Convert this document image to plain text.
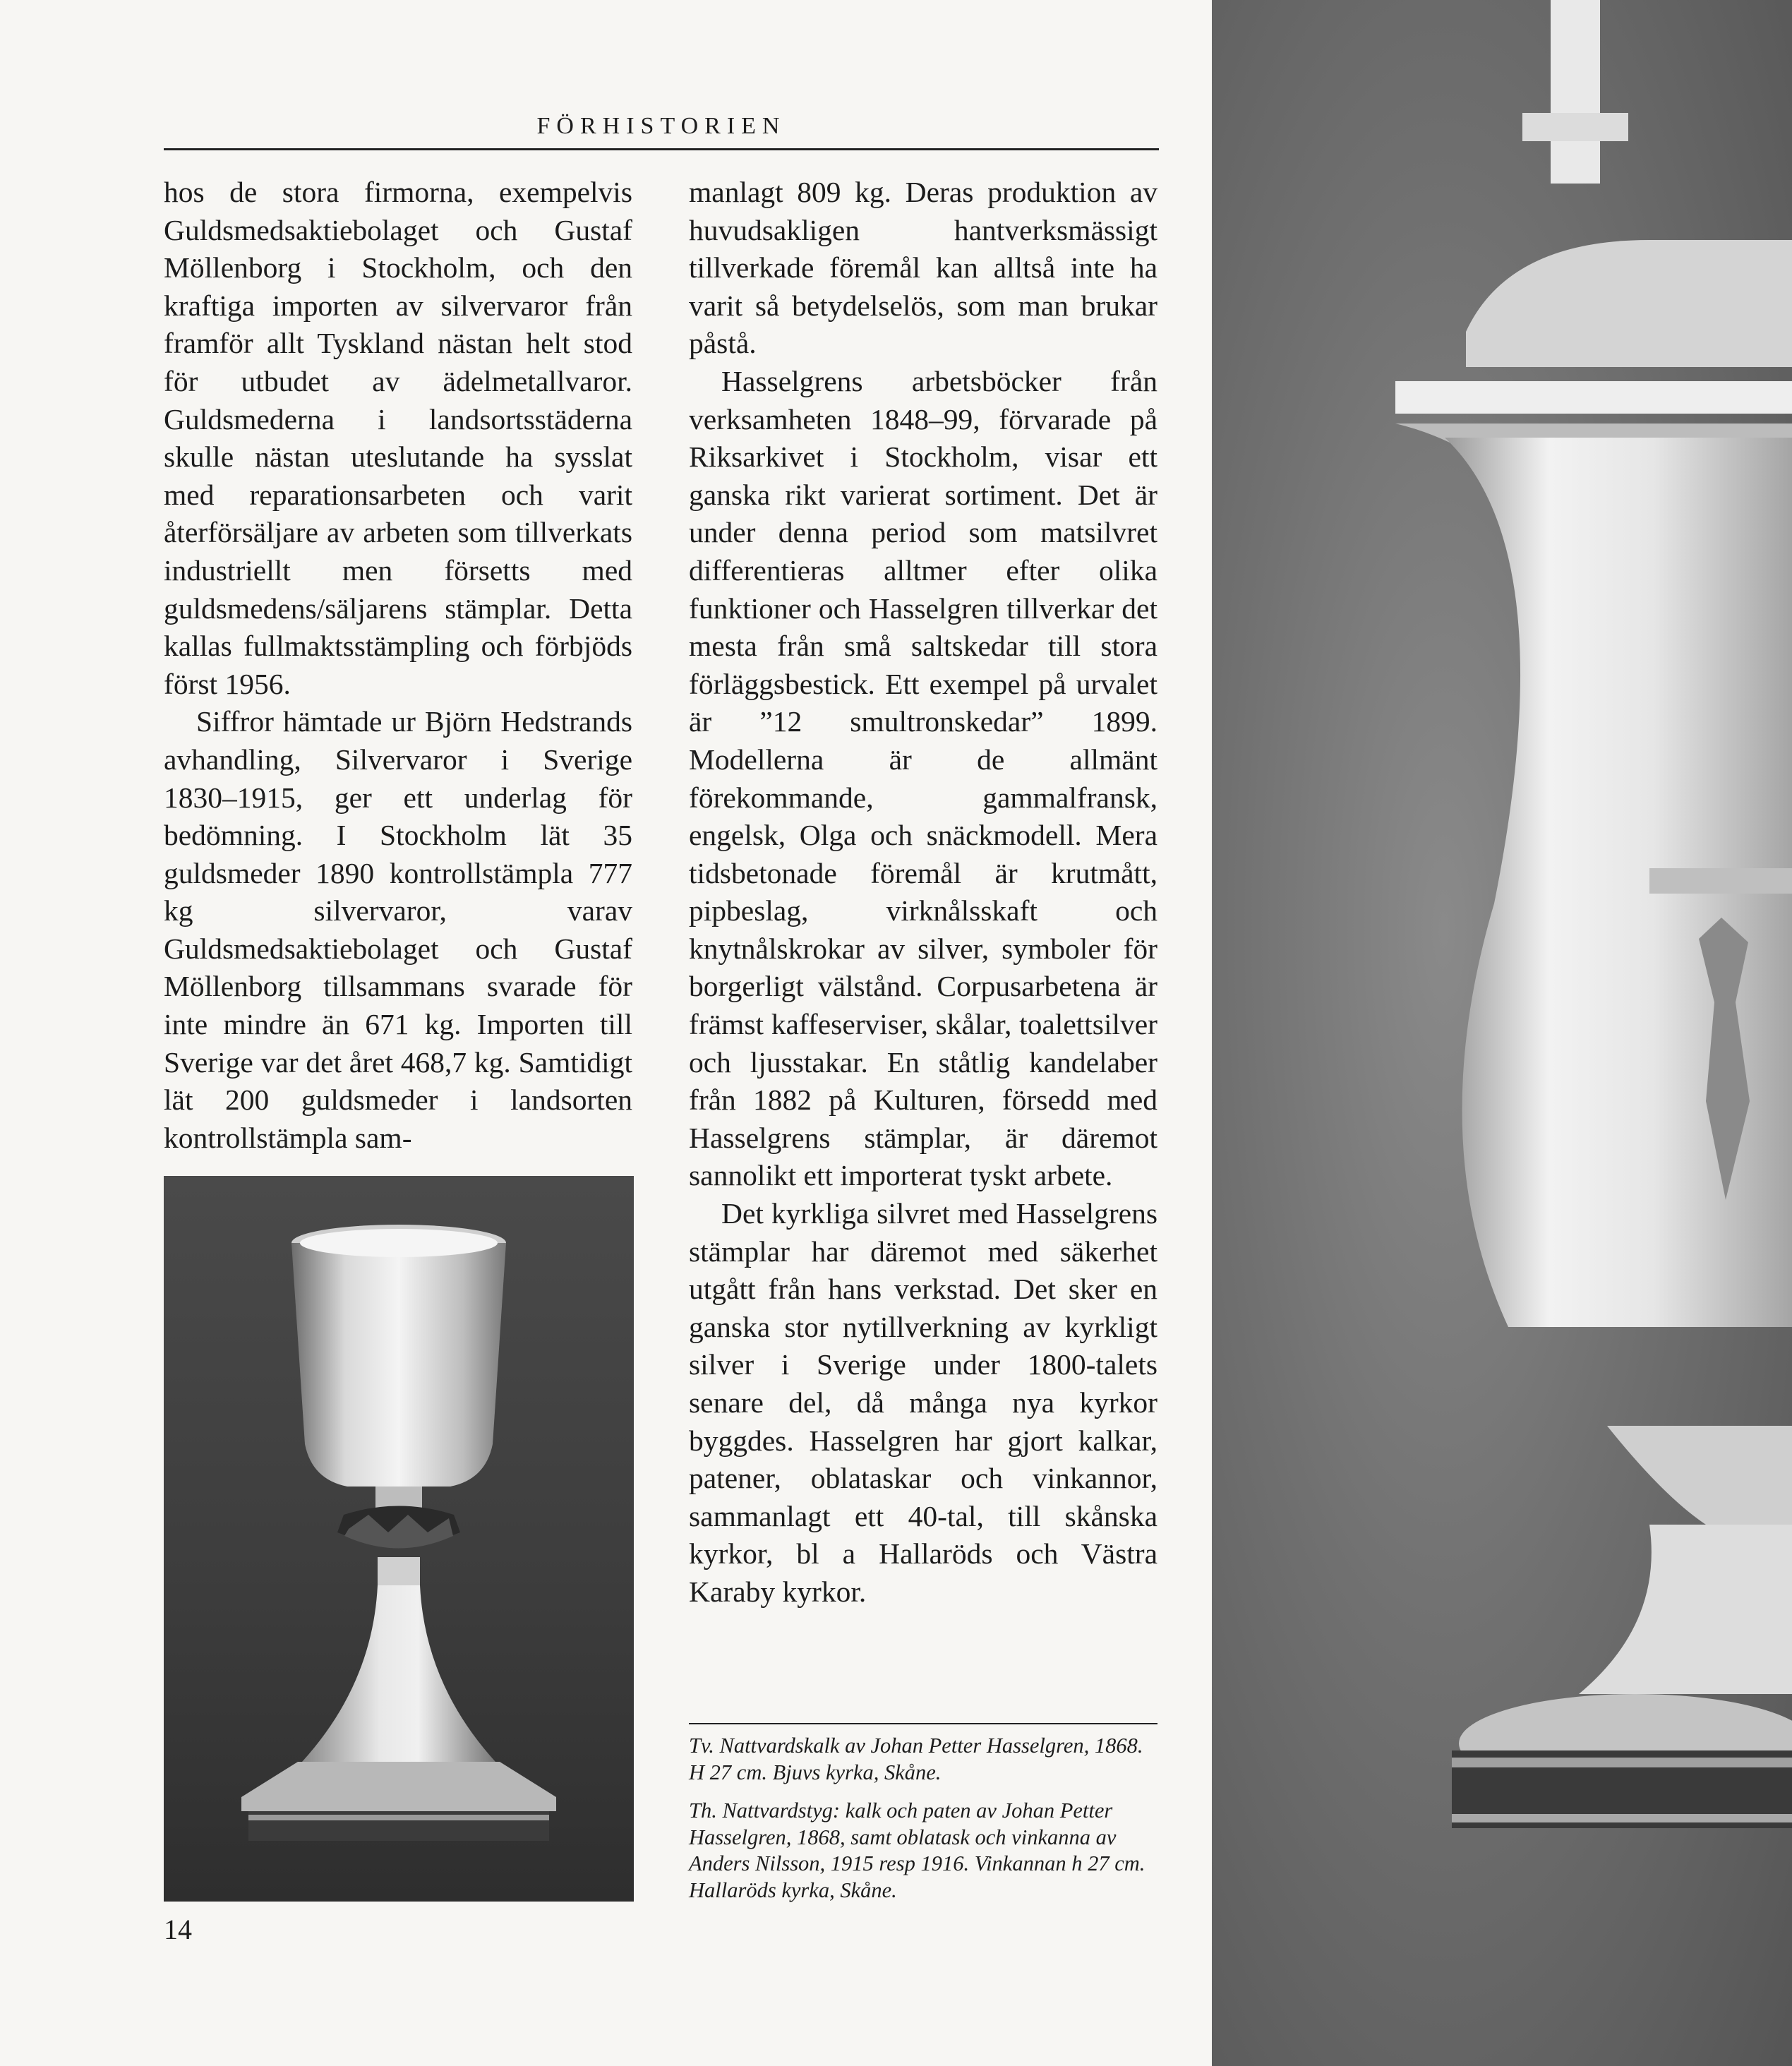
FÖRHISTORIEN

hos de stora firmorna, exempelvis Guldsmedsaktiebolaget och Gustaf Möllenborg i Stockholm, och den kraftiga importen av silvervaror från framför allt Tyskland nästan helt stod för utbudet av ädelmetallvaror. Guldsmederna i landsortsstäderna skulle nästan uteslutande ha sysslat med reparationsarbeten och varit återförsäljare av arbeten som tillverkats industriellt men försetts med guldsmedens/säljarens stämplar. Detta kallas fullmaktsstämpling och förbjöds först 1956.

Siffror hämtade ur Björn Hedstrands avhandling, Silvervaror i Sverige 1830–1915, ger ett underlag för bedömning. I Stockholm lät 35 guldsmeder 1890 kontrollstämpla 777 kg silvervaror, varav Guldsmedsaktiebolaget och Gustaf Möllenborg tillsammans svarade för inte mindre än 671 kg. Importen till Sverige var det året 468,7 kg. Samtidigt lät 200 guldsmeder i landsorten kontrollstämpla sam-

manlagt 809 kg. Deras produktion av huvudsakligen hantverksmässigt tillverkade föremål kan alltså inte ha varit så betydelselös, som man brukar påstå.

Hasselgrens arbetsböcker från verksamheten 1848–99, förvarade på Riksarkivet i Stockholm, visar ett ganska rikt varierat sortiment. Det är under denna period som matsilvret differentieras alltmer efter olika funktioner och Hasselgren tillverkar det mesta från små saltskedar till stora förläggsbestick. Ett exempel på urvalet är ”12 smultronskedar” 1899. Modellerna är de allmänt förekommande, gammalfransk, engelsk, Olga och snäckmodell. Mera tidsbetonade föremål är krutmått, pipbeslag, virknålsskaft och knytnålskrokar av silver, symboler för borgerligt välstånd. Corpusarbetena är främst kaffeserviser, skålar, toalettsilver och ljusstakar. En ståtlig kandelaber från 1882 på Kulturen, försedd med Hasselgrens stämplar, är däremot sannolikt ett importerat tyskt arbete.

Det kyrkliga silvret med Hasselgrens stämplar har däremot med säkerhet utgått från hans verkstad. Det sker en ganska stor nytillverkning av kyrkligt silver i Sverige under 1800-talets senare del, då många nya kyrkor byggdes. Hasselgren har gjort kalkar, patener, oblataskar och vinkannor, sammanlagt ett 40-tal, till skånska kyrkor, bl a Hallaröds och Västra Karaby kyrkor.

Tv. Nattvardskalk av Johan Petter Hasselgren, 1868. H 27 cm. Bjuvs kyrka, Skåne.
Th. Nattvardstyg: kalk och paten av Johan Petter Hasselgren, 1868, samt oblatask och vinkanna av Anders Nilsson, 1915 resp 1916. Vinkannan h 27 cm. Hallaröds kyrka, Skåne.
14
